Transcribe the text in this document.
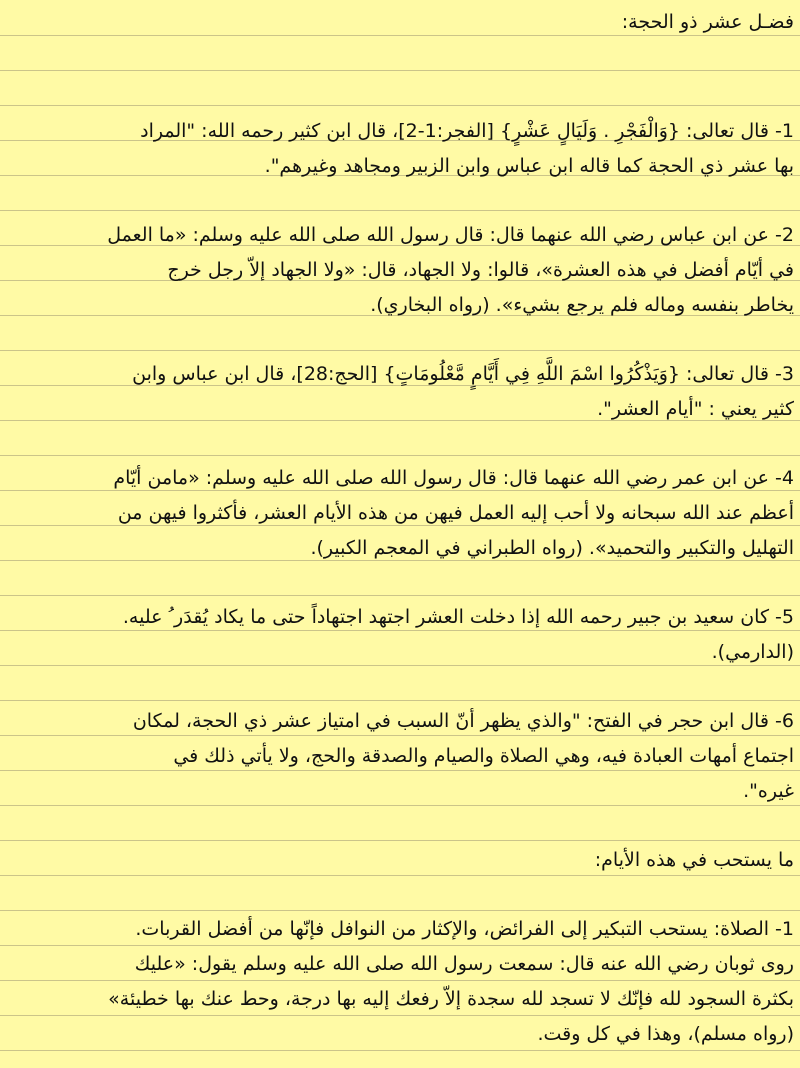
فضـل عشر ذو الحجة:
1- قال تعالى: {وَالْفَجْرِ . وَلَيَالٍ عَشْرٍ} [الفجر:1-2]، قال ابن كثير رحمه الله: "المراد
بها عشر ذي الحجة كما قاله ابن عباس وابن الزبير ومجاهد وغيرهم".
2- عن ابن عباس رضي الله عنهما قال: قال رسول الله صلى الله عليه وسلم: «ما العمل
في أيّام أفضل في هذه العشرة»، قالوا: ولا الجهاد، قال: «ولا الجهاد إلاّ رجل خرج
يخاطر بنفسه وماله فلم يرجع بشيء». (رواه البخاري).
3- قال تعالى: {وَيَذْكُرُوا اسْمَ اللَّهِ فِي أَيَّامٍ مَّعْلُومَاتٍ} [الحج:28]، قال ابن عباس وابن
كثير يعني : "أيام العشر".
4- عن ابن عمر رضي الله عنهما قال: قال رسول الله صلى الله عليه وسلم: «مامن أيّام
أعظم عند الله سبحانه ولا أحب إليه العمل فيهن من هذه الأيام العشر، فأكثروا فيهن من
التهليل والتكبير والتحميد». (رواه الطبراني في المعجم الكبير).
5- كان سعيد بن جبير رحمه الله إذا دخلت العشر اجتهد اجتهاداً حتى ما يكاد يُقدَر ُ عليه.
(الدارمي).
6- قال ابن حجر في الفتح: "والذي يظهر أنّ السبب في امتياز عشر ذي الحجة، لمكان
اجتماع أمهات العبادة فيه، وهي الصلاة والصيام والصدقة والحج، ولا يأتي ذلك في
غيره".
ما يستحب في هذه الأيام:
1- الصلاة: يستحب التبكير إلى الفرائض، والإكثار من النوافل فإنّها من أفضل القربات.
روى ثوبان رضي الله عنه قال: سمعت رسول الله صلى الله عليه وسلم يقول: «عليك
بكثرة السجود لله فإنّك لا تسجد لله سجدة إلاّ رفعك إليه بها درجة، وحط عنك بها خطيئة»
(رواه مسلم)، وهذا في كل وقت.
